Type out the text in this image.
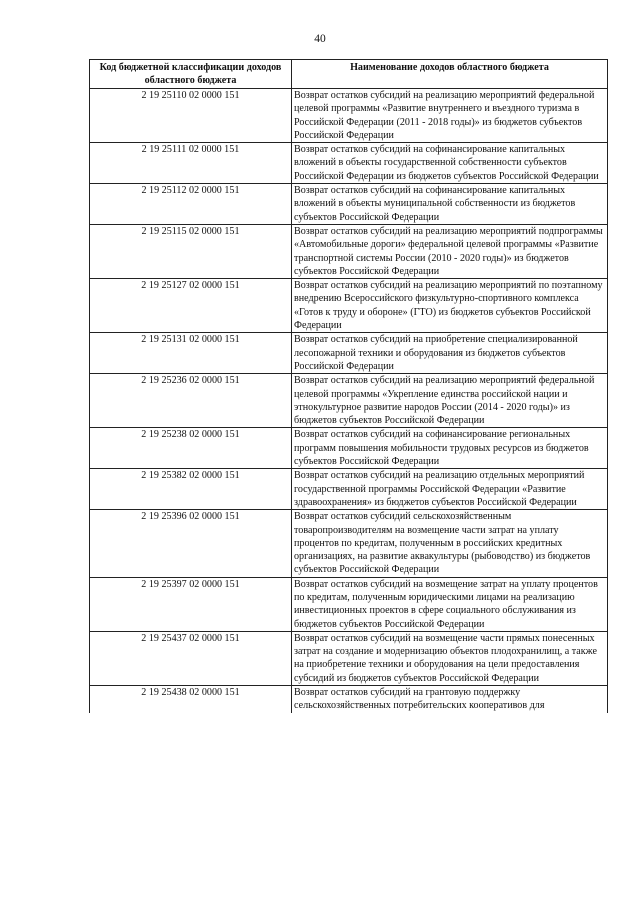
40
Код бюджетной классификации доходов областного бюджета	Наименование доходов областного бюджета
2 19 25110 02 0000 151	Возврат остатков субсидий на реализацию мероприятий федеральной целевой программы «Развитие внутреннего и въездного туризма в Российской Федерации (2011 - 2018 годы)» из бюджетов субъектов Российской Федерации
2 19 25111 02 0000 151	Возврат остатков субсидий на софинансирование капитальных вложений в объекты государственной собственности субъектов Российской Федерации из бюджетов субъектов Российской Федерации
2 19 25112 02 0000 151	Возврат остатков субсидий на софинансирование капитальных вложений в объекты муниципальной собственности из бюджетов субъектов Российской Федерации
2 19 25115 02 0000 151	Возврат остатков субсидий на реализацию мероприятий подпрограммы «Автомобильные дороги» федеральной целевой программы «Развитие транспортной системы России (2010 - 2020 годы)» из бюджетов субъектов Российской Федерации
2 19 25127 02 0000 151	Возврат остатков субсидий на реализацию мероприятий по поэтапному внедрению Всероссийского физкультурно-спортивного комплекса «Готов к труду и обороне» (ГТО) из бюджетов субъектов Российской Федерации
2 19 25131 02 0000 151	Возврат остатков субсидий на приобретение специализированной лесопожарной техники и оборудования из бюджетов субъектов Российской Федерации
2 19 25236 02 0000 151	Возврат остатков субсидий на реализацию мероприятий федеральной целевой программы «Укрепление единства российской нации и этнокультурное развитие народов России (2014 - 2020 годы)» из бюджетов субъектов Российской Федерации
2 19 25238 02 0000 151	Возврат остатков субсидий на софинансирование региональных программ повышения мобильности трудовых ресурсов из бюджетов субъектов Российской Федерации
2 19 25382 02 0000 151	Возврат остатков субсидий на реализацию отдельных мероприятий государственной программы Российской Федерации «Развитие здравоохранения» из бюджетов субъектов Российской Федерации
2 19 25396 02 0000 151	Возврат остатков субсидий сельскохозяйственным товаропроизводителям на возмещение части затрат на уплату процентов по кредитам, полученным в российских кредитных организациях, на развитие аквакультуры (рыбоводство) из бюджетов субъектов Российской Федерации
2 19 25397 02 0000 151	Возврат остатков субсидий на возмещение затрат на уплату процентов по кредитам, полученным юридическими лицами на реализацию инвестиционных проектов в сфере социального обслуживания из бюджетов субъектов Российской Федерации
2 19 25437 02 0000 151	Возврат остатков субсидий на возмещение части прямых понесенных затрат на создание и модернизацию объектов плодохранилищ, а также на приобретение техники и оборудования на цели предоставления субсидий из бюджетов субъектов Российской Федерации
2 19 25438 02 0000 151	Возврат остатков субсидий на грантовую поддержку сельскохозяйственных потребительских кооперативов для
